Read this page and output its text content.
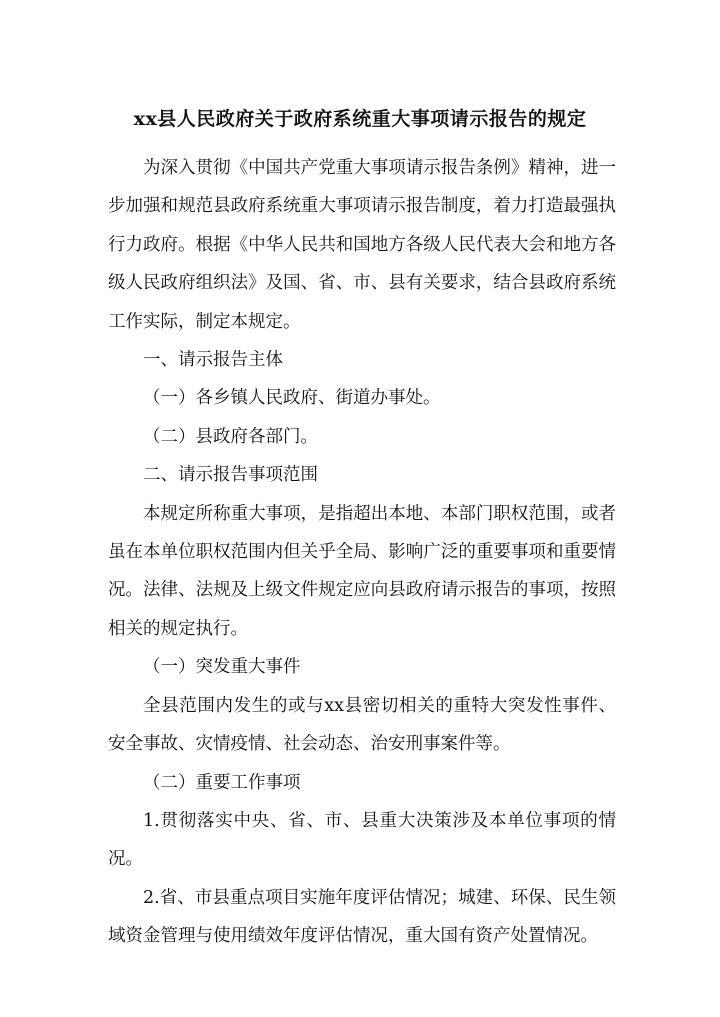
xx县人民政府关于政府系统重大事项请示报告的规定

为深入贯彻《中国共产党重大事项请示报告条例》精神，进一步加强和规范县政府系统重大事项请示报告制度，着力打造最强执行力政府。根据《中华人民共和国地方各级人民代表大会和地方各级人民政府组织法》及国、省、市、县有关要求，结合县政府系统工作实际，制定本规定。

一、请示报告主体

（一）各乡镇人民政府、街道办事处。

（二）县政府各部门。

二、请示报告事项范围

本规定所称重大事项，是指超出本地、本部门职权范围，或者虽在本单位职权范围内但关乎全局、影响广泛的重要事项和重要情况。法律、法规及上级文件规定应向县政府请示报告的事项，按照相关的规定执行。

（一）突发重大事件

全县范围内发生的或与xx县密切相关的重特大突发性事件、安全事故、灾情疫情、社会动态、治安刑事案件等。

（二）重要工作事项

1.贯彻落实中央、省、市、县重大决策涉及本单位事项的情况。

2.省、市县重点项目实施年度评估情况；城建、环保、民生领域资金管理与使用绩效年度评估情况，重大国有资产处置情况。
